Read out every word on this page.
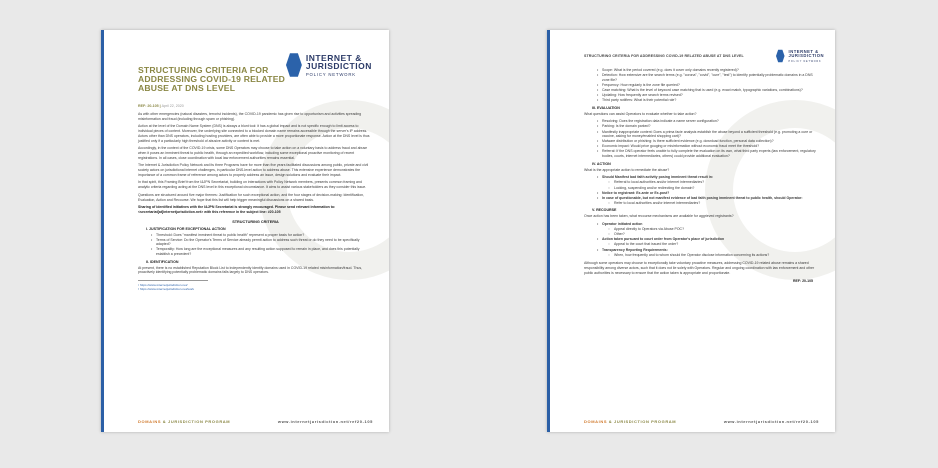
STRUCTURING CRITERIA FOR ADDRESSING COVID-19 RELATED ABUSE AT DNS LEVEL
INTERNET & JURISDICTION
POLICY NETWORK
REF: 20-105 | April 22, 2020

As with other emergencies (natural disasters, terrorist incidents), the COVID-19 pandemic has given rise to opportunism and activities spreading misinformation and fraud (including through spam or phishing).

Action at the level of the Domain Name System (DNS) is always a blunt tool: it has a global impact and is not specific enough to limit access to individual pieces of content. Moreover, the underlying site connected to a blocked domain name remains accessible through the server's IP address. Actors other than DNS operators, including hosting providers, are often able to provide a more proportionate response. Action at the DNS level is thus justified only if a particularly high threshold of abusive activity or content is met.

Accordingly, in the context of the COVID-19 crisis, some DNS Operators may choose to take action on a voluntary basis to address fraud and abuse when it poses an imminent threat to public health, through an expedited workflow, including some exceptional proactive monitoring of recent registrations. In all cases, close coordination with local law enforcement authorities remains essential.

The Internet & Jurisdiction Policy Network and its three Programs have for more than five years facilitated discussions among public, private and civil society actors on jurisdictional internet challenges, in particular DNS-level action to address abuse. This extensive experience demonstrates the importance of a common frame of reference among actors to properly address an issue, design solutions and evaluate their impact.

In that spirit, this Framing Brief from the I&JPN Secretariat, building on interactions with Policy Network members, presents common framing and analytic criteria regarding acting at the DNS level in this exceptional circumstance. It aims to assist various stakeholders as they consider this issue.

Questions are structured around five major themes: Justification for such exceptional action, and the four stages of decision-making: Identification, Evaluation, Action and Recourse. We hope that this list will help trigger meaningful discussions on a shared basis.

Sharing of identified initiatives with the I&JPN Secretariat is strongly encouraged. Please send relevant information to: <secretariat[at]internetjurisdiction.net> with this reference in the subject line: #20-105

STRUCTURING CRITERIA
I. JUSTIFICATION FOR EXCEPTIONAL ACTION
• Threshold: Does "manifest imminent threat to public health" represent a proper basis for action?
• Terms of Service: Do the Operator's Terms of Service already permit action to address such threat or do they need to be specifically adapted?
• Temporality: How long are the exceptional measures and any resulting action supposed to remain in place, and does this potentially establish a precedent?
II. IDENTIFICATION

At present, there is no established Reputation Block List to independently identify domains used in COVID-19 related misinformation/fraud. Thus, proactively identifying potentially problematic domains falls largely to DNS operators.

¹ https://www.internetjurisdiction.net/
² https://www.internetjurisdiction.net/work
DOMAINS & JURISDICTION PROGRAM	www.internetjurisdiction.net/ref20-105
STRUCTURING CRITERIA FOR ADDRESSING COVID-19 RELATED ABUSE AT DNS LEVEL
INTERNET & JURISDICTION
POLICY NETWORK
• Scope: What is the period covered (e.g. does it cover only domains recently registered)?
• Detection: How extensive are the search terms (e.g. "corona", "covid", "cure", "test") to identify potentially problematic domains in a DNS zone file?
• Frequency: How regularly is the zone file queried?
• Case matching: What is the level of keyword case matching that is used (e.g. exact match, typographic variations, combinations)?
• Updating: How frequently are search terms revised?
• Third party notifiers: What is their potential role?
III. EVALUATION

What questions can assist Operators to evaluate whether to take action?

• Resolving: Does the registration data indicate a name server configuration?
• Parking: Is the domain parked?
• Manifestly inappropriate content: Does a prima facie analysis establish the abuse beyond a sufficient threshold (e.g. promoting a cure or vaccine, asking for money/enabled shopping cart)?
• Malware distribution or phishing: Is there sufficient evidence (e.g. download function, personal data collection)?
• Economic impact: Would price gouging or misinformation without economic fraud meet the threshold?
• Referral: If the DNS operator feels unable to fully complete the evaluation on its own, what third party experts (law enforcement, regulatory bodies, courts, internet intermediaries, others) could provide additional evaluation?
IV. ACTION

What is the appropriate action to remediate the abuse?

• Should Manifest bad faith activity posing imminent threat result in:
○ Referral to local authorities and/or internet intermediaries?
○ Locking, suspending and/or redirecting the domain?
• Notice to registrant: Ex-ante or Ex-post?
• In case of questionable, but not manifest evidence of bad faith posing imminent threat to public health, should Operator:
○ Refer to local authorities and/or internet intermediaries?
V. RECOURSE

Once action has been taken, what recourse mechanisms are available for aggrieved registrants?

• Operator initiated action
○ Appeal directly to Operators via Abuse POC?
○ Other?
• Action taken pursuant to court order from Operator's place of jurisdiction
○ Appeal to the court that issued the order?
• Transparency Reporting Requirements:
○ When, how frequently and to whom should the Operator disclose information concerning its actions?

Although some operators may choose to exceptionally take voluntary proactive measures, addressing COVID-19 related abuse remains a shared responsibility among diverse actors, such that it does not lie solely with Operators. Regular and ongoing coordination with law enforcement and other public authorities is necessary to ensure that the action taken is appropriate and proportionate.

REF: 20-105
DOMAINS & JURISDICTION PROGRAM	www.internetjurisdiction.net/ref20-105
